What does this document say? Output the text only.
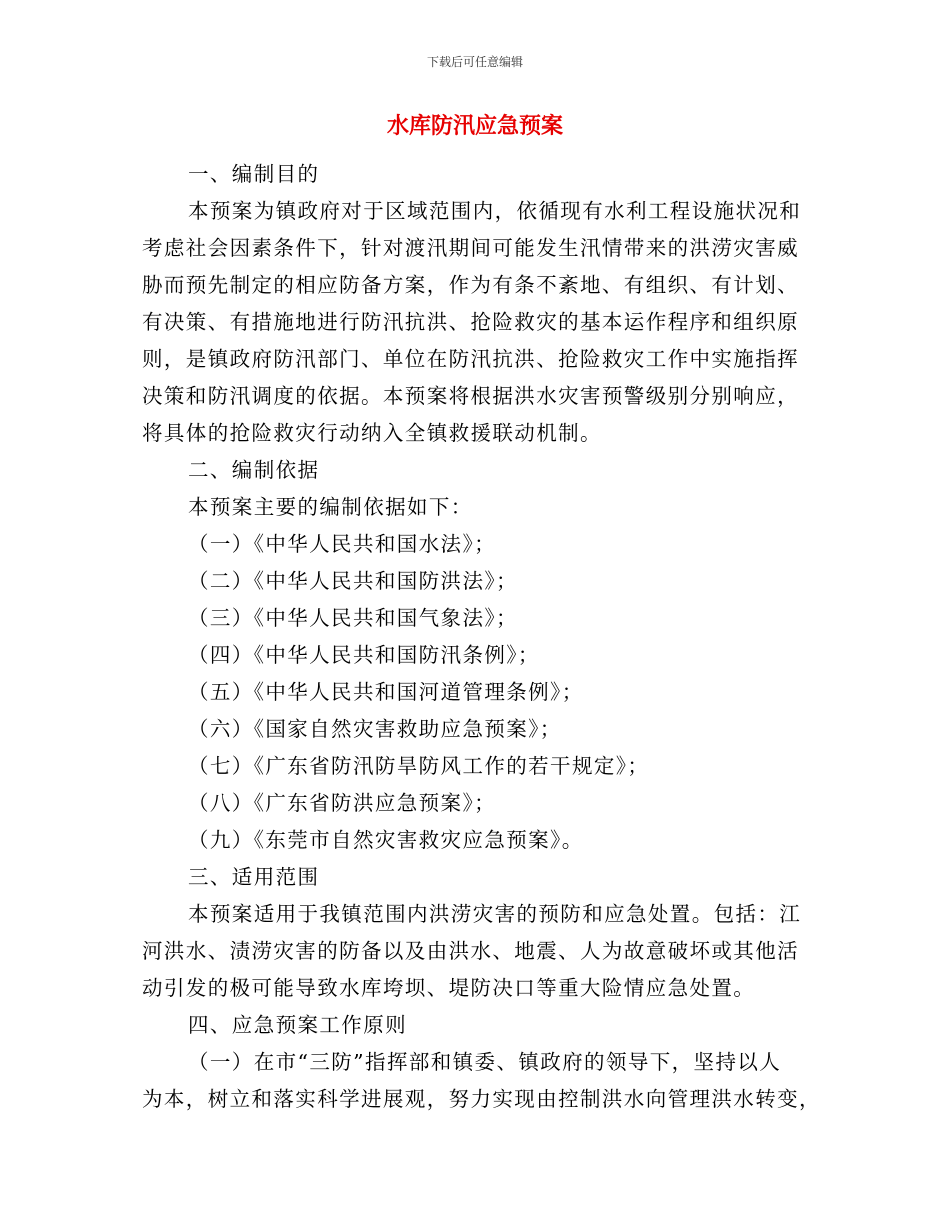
下载后可任意编辑
水库防汛应急预案

一、编制目的

本预案为镇政府对于区域范围内，依循现有水利工程设施状况和

考虑社会因素条件下，针对渡汛期间可能发生汛情带来的洪涝灾害威

胁而预先制定的相应防备方案，作为有条不紊地、有组织、有计划、

有决策、有措施地进行防汛抗洪、抢险救灾的基本运作程序和组织原

则，是镇政府防汛部门、单位在防汛抗洪、抢险救灾工作中实施指挥

决策和防汛调度的依据。本预案将根据洪水灾害预警级别分别响应，

将具体的抢险救灾行动纳入全镇救援联动机制。

二、编制依据

本预案主要的编制依据如下：

（一）《中华人民共和国水法》；

（二）《中华人民共和国防洪法》；

（三）《中华人民共和国气象法》；

（四）《中华人民共和国防汛条例》；

（五）《中华人民共和国河道管理条例》；

（六）《国家自然灾害救助应急预案》；

（七）《广东省防汛防旱防风工作的若干规定》；

（八）《广东省防洪应急预案》；

（九）《东莞市自然灾害救灾应急预案》。

三、适用范围

本预案适用于我镇范围内洪涝灾害的预防和应急处置。包括：江

河洪水、渍涝灾害的防备以及由洪水、地震、人为故意破坏或其他活

动引发的极可能导致水库垮坝、堤防决口等重大险情应急处置。

四、应急预案工作原则

（一）在市“三防”指挥部和镇委、镇政府的领导下，坚持以人

为本，树立和落实科学进展观，努力实现由控制洪水向管理洪水转变，
